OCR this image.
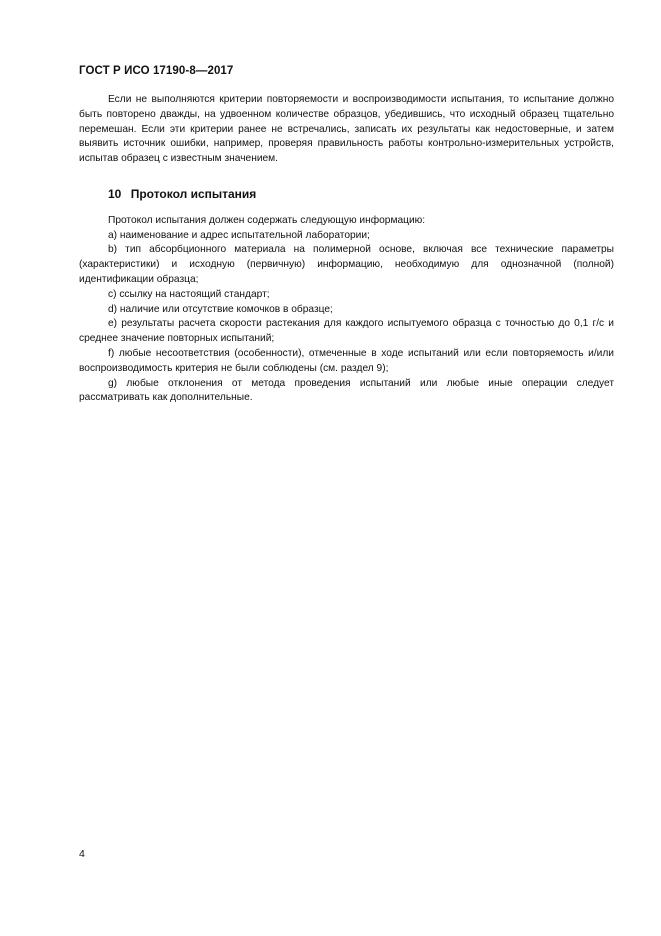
ГОСТ Р ИСО 17190-8—2017

Если не выполняются критерии повторяемости и воспроизводимости испытания, то испытание должно быть повторено дважды, на удвоенном количестве образцов, убедившись, что исходный образец тщательно перемешан. Если эти критерии ранее не встречались, записать их результаты как недостоверные, и затем выявить источник ошибки, например, проверяя правильность работы контрольно-измерительных устройств, испытав образец с известным значением.

10 Протокол испытания

Протокол испытания должен содержать следующую информацию:

а) наименование и адрес испытательной лаборатории;

b) тип абсорбционного материала на полимерной основе, включая все технические параметры (характеристики) и исходную (первичную) информацию, необходимую для однозначной (полной) идентификации образца;

с) ссылку на настоящий стандарт;

d) наличие или отсутствие комочков в образце;

е) результаты расчета скорости растекания для каждого испытуемого образца с точностью до 0,1 г/с и среднее значение повторных испытаний;

f) любые несоответствия (особенности), отмеченные в ходе испытаний или если повторяемость и/или воспроизводимость критерия не были соблюдены (см. раздел 9);

g) любые отклонения от метода проведения испытаний или любые иные операции следует рассматривать как дополнительные.

4
